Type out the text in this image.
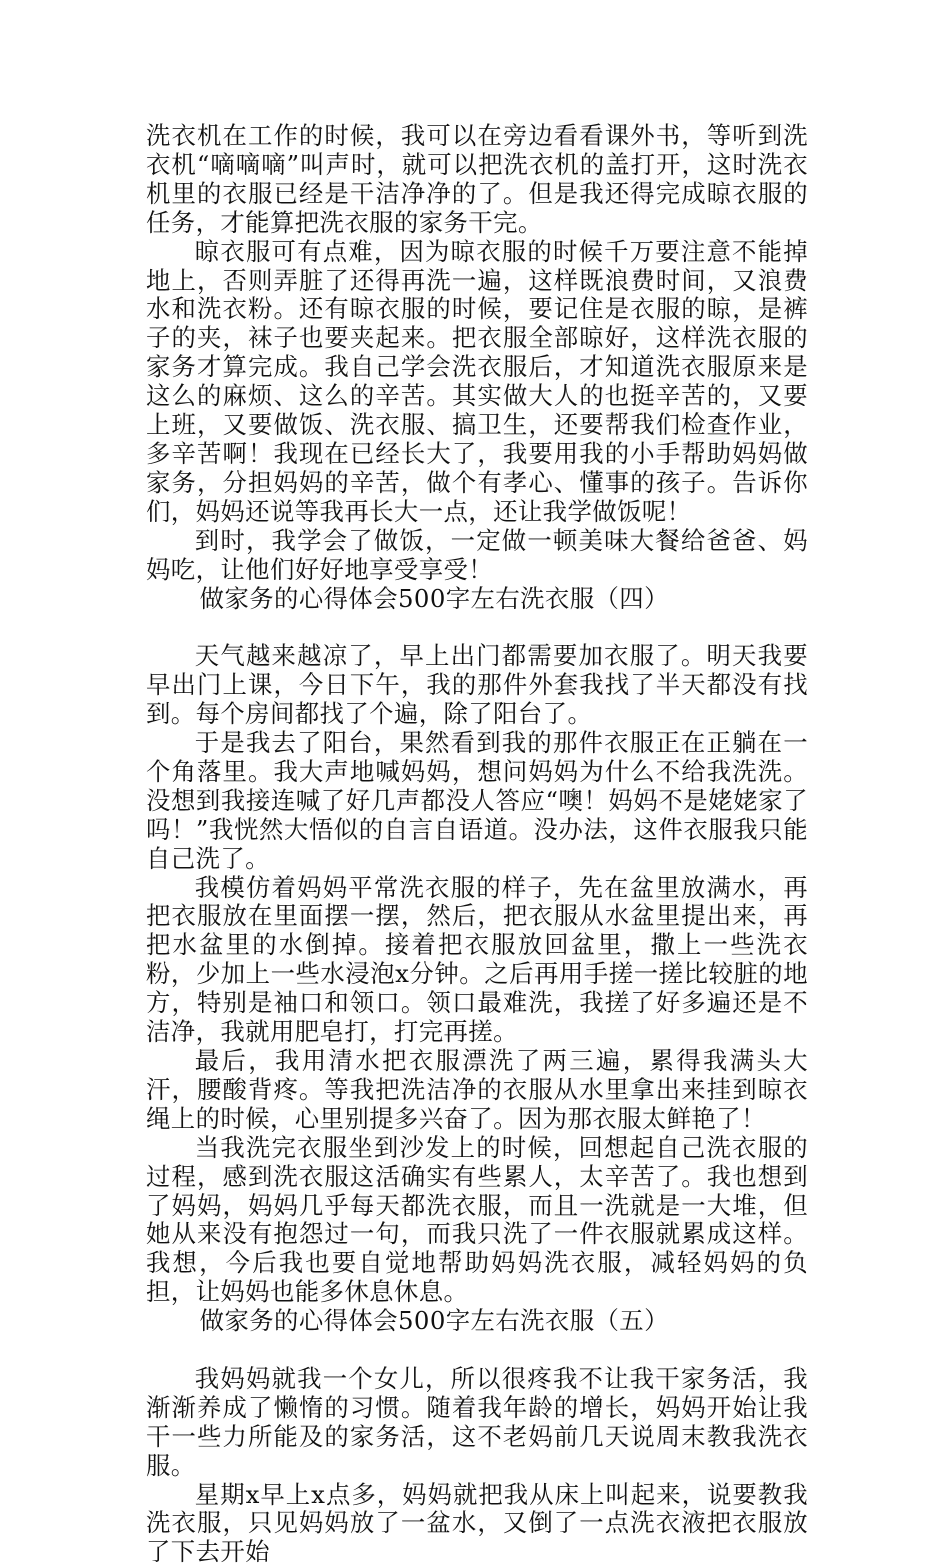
洗衣机在工作的时候，我可以在旁边看看课外书，等听到洗衣机“嘀嘀嘀”叫声时，就可以把洗衣机的盖打开，这时洗衣机里的衣服已经是干洁净净的了。但是我还得完成晾衣服的任务，才能算把洗衣服的家务干完。

晾衣服可有点难，因为晾衣服的时候千万要注意不能掉地上，否则弄脏了还得再洗一遍，这样既浪费时间，又浪费水和洗衣粉。还有晾衣服的时候，要记住是衣服的晾，是裤子的夹，袜子也要夹起来。把衣服全部晾好，这样洗衣服的家务才算完成。我自己学会洗衣服后，才知道洗衣服原来是这么的麻烦、这么的辛苦。其实做大人的也挺辛苦的，又要上班，又要做饭、洗衣服、搞卫生，还要帮我们检查作业，多辛苦啊！我现在已经长大了，我要用我的小手帮助妈妈做家务，分担妈妈的辛苦，做个有孝心、懂事的孩子。告诉你们，妈妈还说等我再长大一点，还让我学做饭呢！

到时，我学会了做饭，一定做一顿美味大餐给爸爸、妈妈吃，让他们好好地享受享受！

做家务的心得体会500字左右洗衣服（四）

天气越来越凉了，早上出门都需要加衣服了。明天我要早出门上课，今日下午，我的那件外套我找了半天都没有找到。每个房间都找了个遍，除了阳台了。

于是我去了阳台，果然看到我的那件衣服正在正躺在一个角落里。我大声地喊妈妈，想问妈妈为什么不给我洗洗。没想到我接连喊了好几声都没人答应“噢！妈妈不是姥姥家了吗！”我恍然大悟似的自言自语道。没办法，这件衣服我只能自己洗了。

我模仿着妈妈平常洗衣服的样子，先在盆里放满水，再把衣服放在里面摆一摆，然后，把衣服从水盆里提出来，再把水盆里的水倒掉。接着把衣服放回盆里，撒上一些洗衣粉，少加上一些水浸泡x分钟。之后再用手搓一搓比较脏的地方，特别是袖口和领口。领口最难洗，我搓了好多遍还是不洁净，我就用肥皂打，打完再搓。

最后，我用清水把衣服漂洗了两三遍，累得我满头大汗，腰酸背疼。等我把洗洁净的衣服从水里拿出来挂到晾衣绳上的时候，心里别提多兴奋了。因为那衣服太鲜艳了！

当我洗完衣服坐到沙发上的时候，回想起自己洗衣服的过程，感到洗衣服这活确实有些累人，太辛苦了。我也想到了妈妈，妈妈几乎每天都洗衣服，而且一洗就是一大堆，但她从来没有抱怨过一句，而我只洗了一件衣服就累成这样。我想，今后我也要自觉地帮助妈妈洗衣服，减轻妈妈的负担，让妈妈也能多休息休息。

做家务的心得体会500字左右洗衣服（五）

我妈妈就我一个女儿，所以很疼我不让我干家务活，我渐渐养成了懒惰的习惯。随着我年龄的增长，妈妈开始让我干一些力所能及的家务活，这不老妈前几天说周末教我洗衣服。

星期x早上x点多，妈妈就把我从床上叫起来，说要教我洗衣服，只见妈妈放了一盆水，又倒了一点洗衣液把衣服放了下去开始
